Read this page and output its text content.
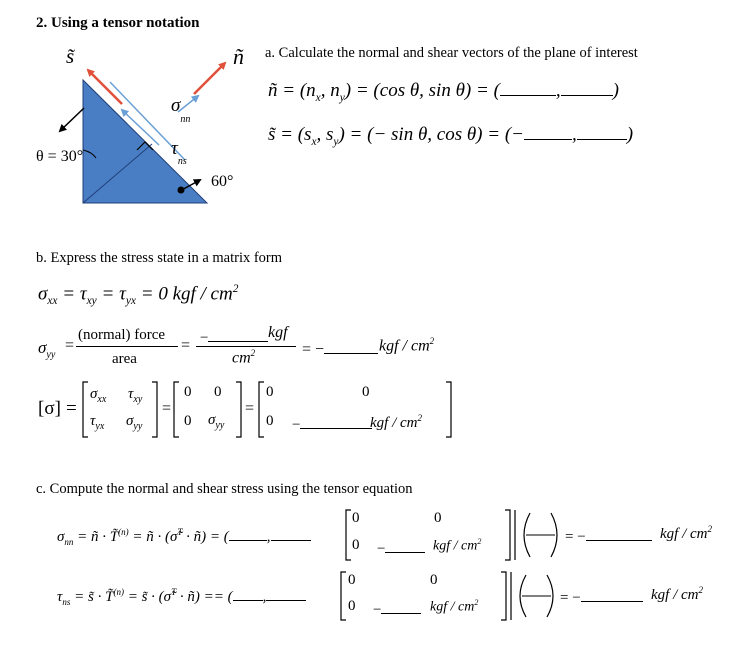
2. Using a tensor notation
s̃	ñ
$\sigma_{nn}$
$\tau_{ns}$
θ = 30°
60°
a. Calculate the normal and shear vectors of the plane of interest
ñ = ($n_x$, $n_y) = (\cos$ θ, sin θ) = (	,	)
s̃ = ($s_x$, $s_y$) = (− sin θ, cos θ) = (−	,	)
b. Express the stress state in a matrix form
$\sigma_{xx} = \tau_{xy} = \tau_{yx} = 0$ kgf / $cm^2$
$\sigma_{yy}$
=
(normal) force
area
= −	kgf
$cm^2$	= −	kgf / $cm^2$
[σ] =
$\sigma_{xx}$ $\tau_{xy}$
$\tau_{yx}$ $\sigma_{yy}$
=
0 0
0 $\sigma_{yy}$
=
0	0
0 −	kgf / $cm^2$
c. Compute the normal and shear stress using the tensor equation
$\sigma_{nn}$ = ñ · T̃$^{(n)}$ = ñ · (σ̃$^T$ · ñ) = (	,
0	0
0 −	kgf / $cm^2$	= −	kgf / $cm^2$
$\tau_{ns}$ = s̃ · T̃$^{(n)}$ = s̃ · (σ̃$^T$ · ñ) == ( ,
0	0
0 −	kgf / $cm^2$	= −	kgf / $cm^2$
